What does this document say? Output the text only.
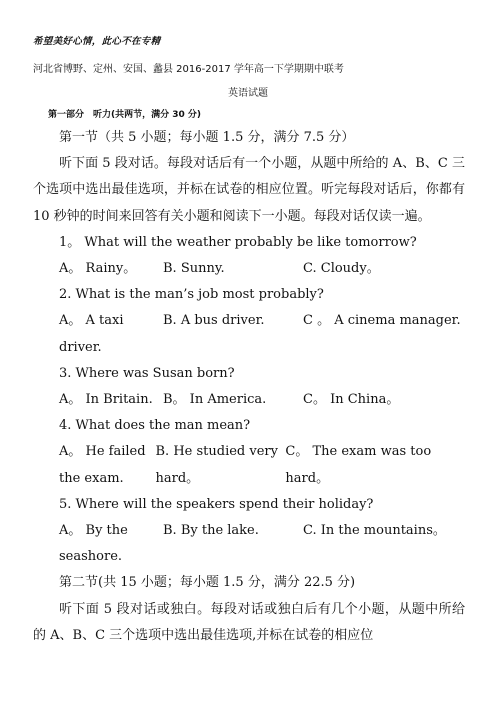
希望美好心情，此心不在专精
河北省博野、定州、安国、蠡县 2016-2017 学年高一下学期期中联考
英语试题
第一部分　听力(共两节，满分 30 分)

第一节（共 5 小题；每小题 1.5 分，满分 7.5 分）

听下面 5 段对话。每段对话后有一个小题，从题中所给的 A、B、C 三个选项中选出最佳选项，并标在试卷的相应位置。听完每段对话后，你都有 10 秒钟的时间来回答有关小题和阅读下一小题。每段对话仅读一遍。

1。 What will the weather probably be like tomorrow?

A。 Rainy。	B. Sunny.	C. Cloudy。

2. What is the man’s job most probably?

A。 A taxi driver.
B. A bus driver.	C 。 A cinema manager.

3. Where was Susan born?

A。 In Britain. B。 In America.	C。 In China。

4. What does the man mean?

A。 He failed the exam.
B. He studied very hard。
C。 The exam was too hard。

5. Where will the speakers spend their holiday?

A。 By the seashore.
B. By the lake.	C. In the mountains。

第二节(共 15 小题；每小题 1.5 分，满分 22.5 分)

听下面 5 段对话或独白。每段对话或独白后有几个小题，从题中所给的 A、B、C 三个选项中选出最佳选项,并标在试卷的相应位
